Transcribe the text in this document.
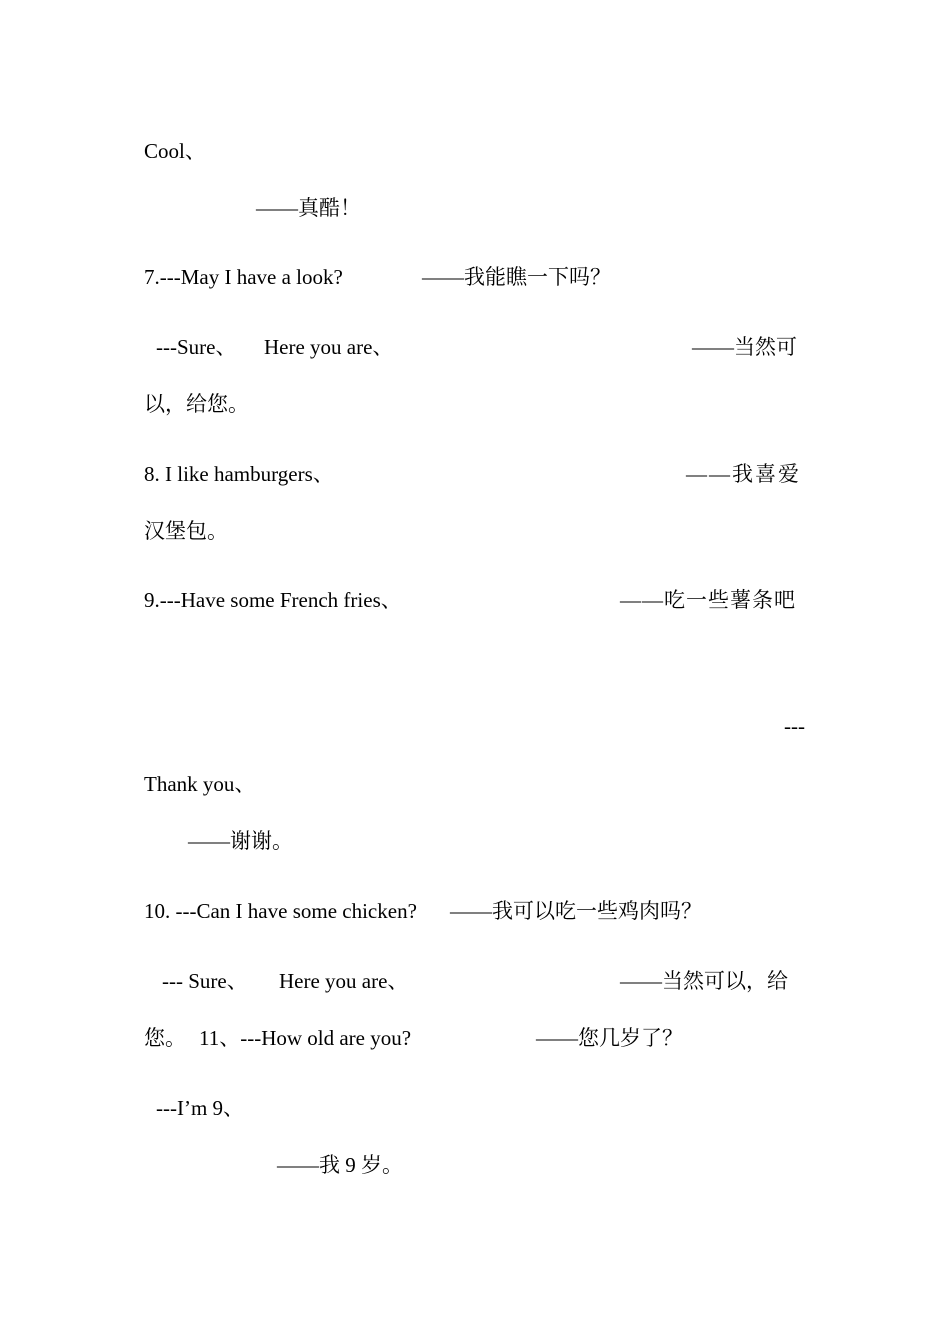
Cool、
——真酷！
7.---May I have a look?	——我能瞧一下吗？
---Sure、 Here you are、	——当然可
以，给您。
8. I like hamburgers、	——我喜爱
汉堡包。
9.---Have some French fries、	——吃一些薯条吧
---
Thank you、
——谢谢。
10. ---Can I have some chicken? ——我可以吃一些鸡肉吗？
--- Sure、 Here you are、	——当然可以，给
您。 11、---How old are you?	——您几岁了？
---I’m 9、
——我 9 岁。
